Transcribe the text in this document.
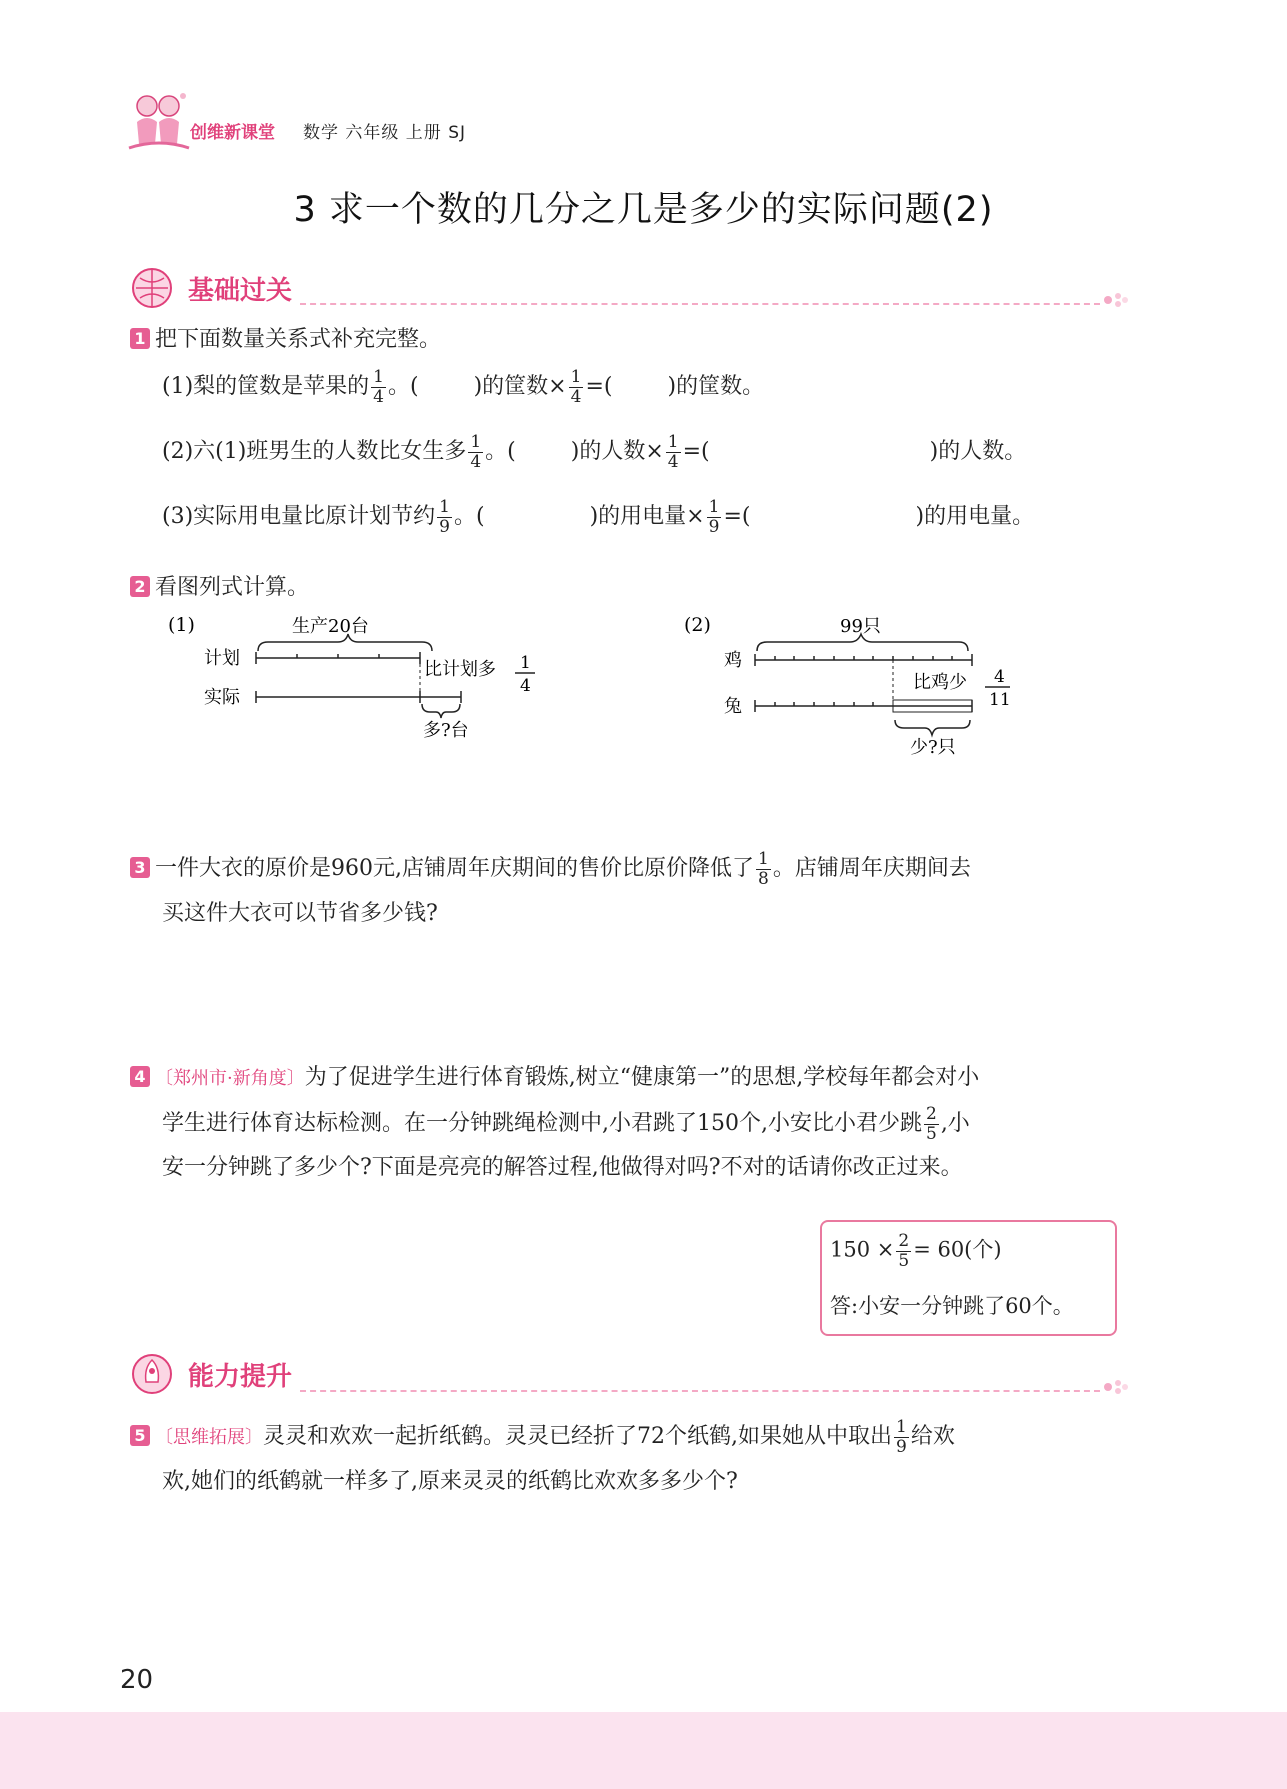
创维新课堂 数学 六年级 上册 SJ
3 求一个数的几分之几是多少的实际问题(2)
基础过关
1 把下面数量关系式补充完整。
(1)梨的筐数是苹果的 $\frac{1}{4}$ 。(	)的筐数× $\frac{1}{4}$ =(	)的筐数。
(2)六(1)班男生的人数比女生多 $\frac{1}{4}$ 。(	)的人数× $\frac{1}{4}$ =(	)的人数。
(3)实际用电量比原计划节约 $\frac{1}{9}$ 。(	)的用电量× $\frac{1}{9}$ =(	)的用电量。
2 看图列式计算。
(1)	生产20台
计划
实际
比计划多 1
4
多?台
(2)	99只
鸡
比鸡少 4
11
兔
少?只
3 一件大衣的原价是960元,店铺周年庆期间的售价比原价降低了 $\frac{1}{8}$ 。店铺周年庆期间去
买这件大衣可以节省多少钱?
4 〔郑州市·新角度〕为了促进学生进行体育锻炼,树立“健康第一”的思想,学校每年都会对小
学生进行体育达标检测。在一分钟跳绳检测中,小君跳了150个,小安比小君少跳 $\frac{2}{5}$ ,小
安一分钟跳了多少个?下面是亮亮的解答过程,他做得对吗?不对的话请你改正过来。
$150 \times \frac{2}{5} = 60$(个)
答:小安一分钟跳了60个。
能力提升
5 〔思维拓展〕灵灵和欢欢一起折纸鹤。灵灵已经折了72个纸鹤,如果她从中取出 $\frac{1}{9}$ 给欢
欢,她们的纸鹤就一样多了,原来灵灵的纸鹤比欢欢多多少个?
20
